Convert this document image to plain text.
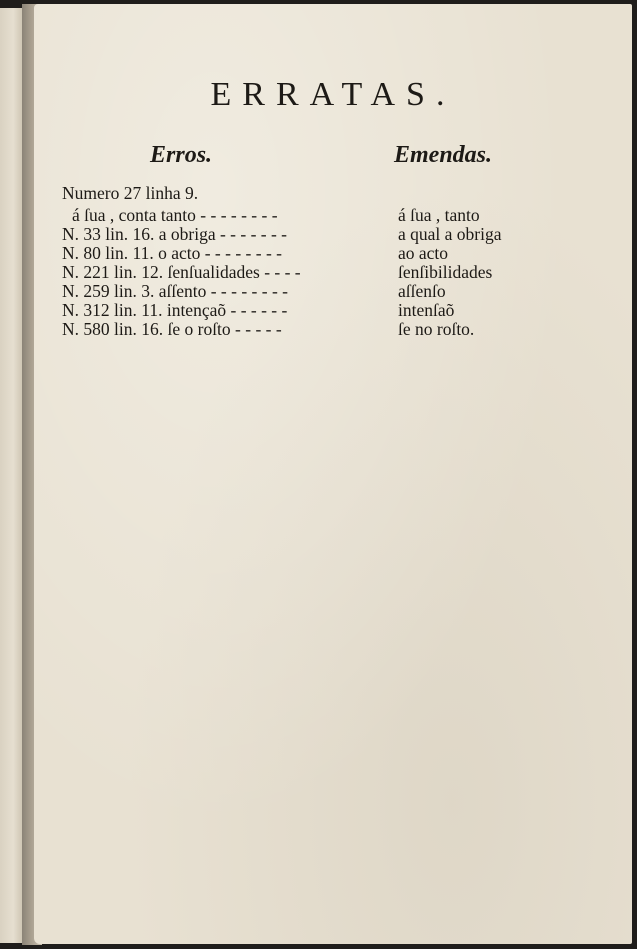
ERRATAS.
Erros.	Emendas.
Numero 27 linha 9.
á ſua , conta tanto - - - - - - - -	á ſua , tanto
N. 33 lin. 16. a obriga - - - - - - -	a qual a obriga
N. 80 lin. 11. o acto - - - - - - - -	ao acto
N. 221 lin. 12. ſenſualidades - - - -	ſenſibilidades
N. 259 lin. 3. aſſento - - - - - - - -	aſſenſo
N. 312 lin. 11. intençaõ - - - - - -	intenſaõ
N. 580 lin. 16. ſe o roſto - - - - -	ſe no roſto.
